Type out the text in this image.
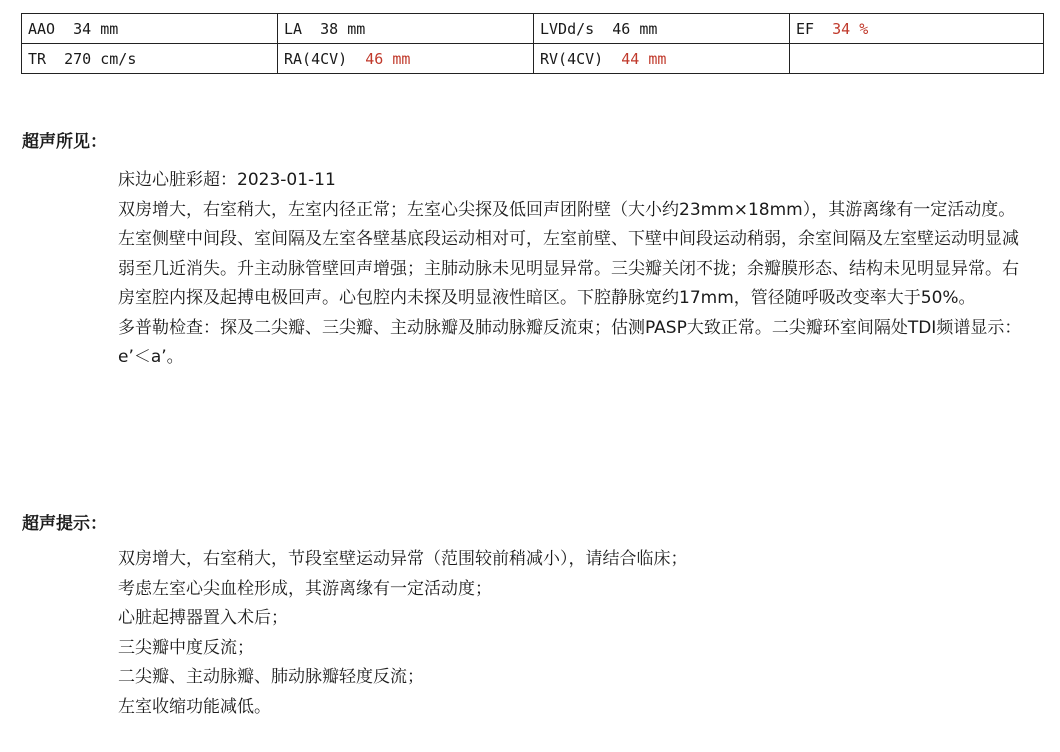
AAO 34 mm	LA 38 mm	LVDd/s 46 mm	EF 34 %
TR 270 cm/s	RA(4CV) 46 mm	RV(4CV) 44 mm	
超声所见：

床边心脏彩超：2023-01-11

双房增大，右室稍大，左室内径正常；左室心尖探及低回声团附壁（大小约23mm×18mm），其游离缘有一定活动度。左室侧壁中间段、室间隔及左室各壁基底段运动相对可，左室前壁、下壁中间段运动稍弱，余室间隔及左室壁运动明显减弱至几近消失。升主动脉管壁回声增强；主肺动脉未见明显异常。三尖瓣关闭不拢；余瓣膜形态、结构未见明显异常。右房室腔内探及起搏电极回声。心包腔内未探及明显液性暗区。下腔静脉宽约17mm，管径随呼吸改变率大于50%。

多普勒检查：探及二尖瓣、三尖瓣、主动脉瓣及肺动脉瓣反流束；估测PASP大致正常。二尖瓣环室间隔处TDI频谱显示：e’＜a’。

超声提示：
双房增大，右室稍大，节段室壁运动异常（范围较前稍减小），请结合临床；
考虑左室心尖血栓形成，其游离缘有一定活动度；
心脏起搏器置入术后；
三尖瓣中度反流；
二尖瓣、主动脉瓣、肺动脉瓣轻度反流；
左室收缩功能减低。
